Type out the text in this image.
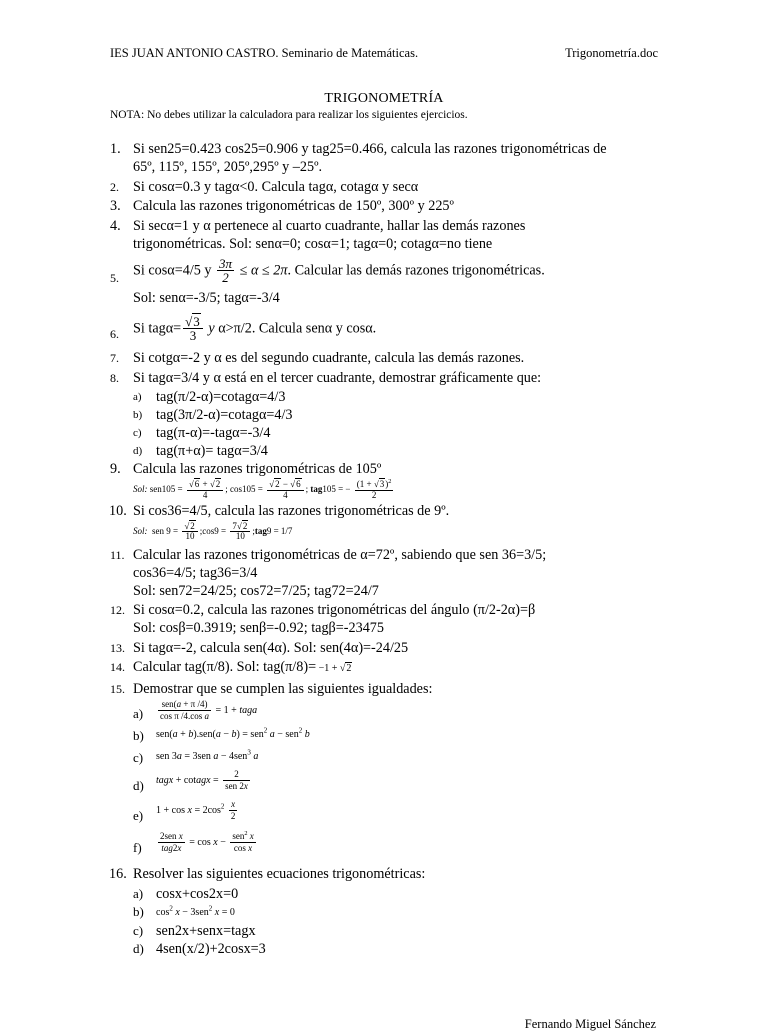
IES JUAN ANTONIO CASTRO. Seminario de Matemáticas.	Trigonometría.doc
TRIGONOMETRÍA
NOTA: No debes utilizar la calculadora para realizar los siguientes ejercicios.
1. Si sen25=0.423 cos25=0.906 y tag25=0.466, calcula las razones trigonométricas de
65º, 115º, 155º, 205º,295º y –25º.
2. Si cosα=0.3 y tagα<0. Calcula tagα, cotagα y secα
3. Calcula las razones trigonométricas de 150º, 300º y 225º
4. Si secα=1 y α pertenece al cuarto cuadrante, hallar las demás razones
trigonométricas. Sol: senα=0; cosα=1; tagα=0; cotagα=no tiene
5. Si cosα=4/5 y $\frac{3\pi}{2} \le \alpha \le 2\pi$. Calcular las demás razones trigonométricas.
Sol: senα=-3/5; tagα=-3/4
6. Si $tag\alpha= \frac{√3}{3}$ y α>π/2. Calcula senα y cosα.
7. Si cotgα=-2 y α es del segundo cuadrante, calcula las demás razones.
8. Si tagα=3/4 y α está en el tercer cuadrante, demostrar gráficamente que:
a) tag(π/2-α)=cotagα=4/3
b) tag(3π/2-α)=cotagα=4/3
c) tag(π-α)=-tagα=-3/4
d) tag(π+α)= tagα=3/4
9. Calcula las razones trigonométricas de 105º
Sol: $sen105 = \frac{√6 + √2}{4}$ ; $\cos 105 = \frac{√2 - √6}{4}$ ; tag105 = − $\frac{(1 + √3)^2}{2}$
10. Si cos36=4/5, calcula las razones trigonométricas de 9º.
Sol:  sen $9 = \frac{√2}{10}$ ;cos9 = $\frac{7√2}{10}$ ;tag9 = 1/7
11. Calcular las razones trigonométricas de α=72º, sabiendo que sen 36=3/5;
cos36=4/5; tag36=3/4
Sol: sen72=24/25; cos72=7/25; tag72=24/7
12. Si cosα=0.2, calcula las razones trigonométricas del ángulo (π/2-2α)=β
Sol: cosβ=0.3919; senβ=-0.92; tagβ=-23475
13. Si tagα=-2, calcula sen(4α). Sol: sen(4α)=-24/25
14. Calcular tag(π/8). Sol: tag(π/8)= −1 + √2
15. Demostrar que se cumplen las siguientes igualdades:
$a) \frac{\text{sen(a + π /4)}}{\text{cos π /4.cos a}} = 1$ + taga
b) sen(a + b).sen(a − b) = sen$^2$ a − sen$^2$ b
c) sen 3a = 3sen a − 4sen$^3$ a
d) tagx + cotagx = $\frac{2}{\text{sen 2x}}$
e) $1 + \cos x = 2\cos^2 \frac{x}{2}$
$f) \frac{\text{2sen x}}{\text{tag2x}} = \cos x - \frac{sen^2 x}{\text{cos x}}$
16. Resolver las siguientes ecuaciones trigonométricas:
a) cosx+cos2x=0
b) $\cos^2 x - 3sen^2$ x = 0
c) sen2x+senx=tagx
d) 4sen(x/2)+2cosx=3
Fernando Miguel Sánchez
